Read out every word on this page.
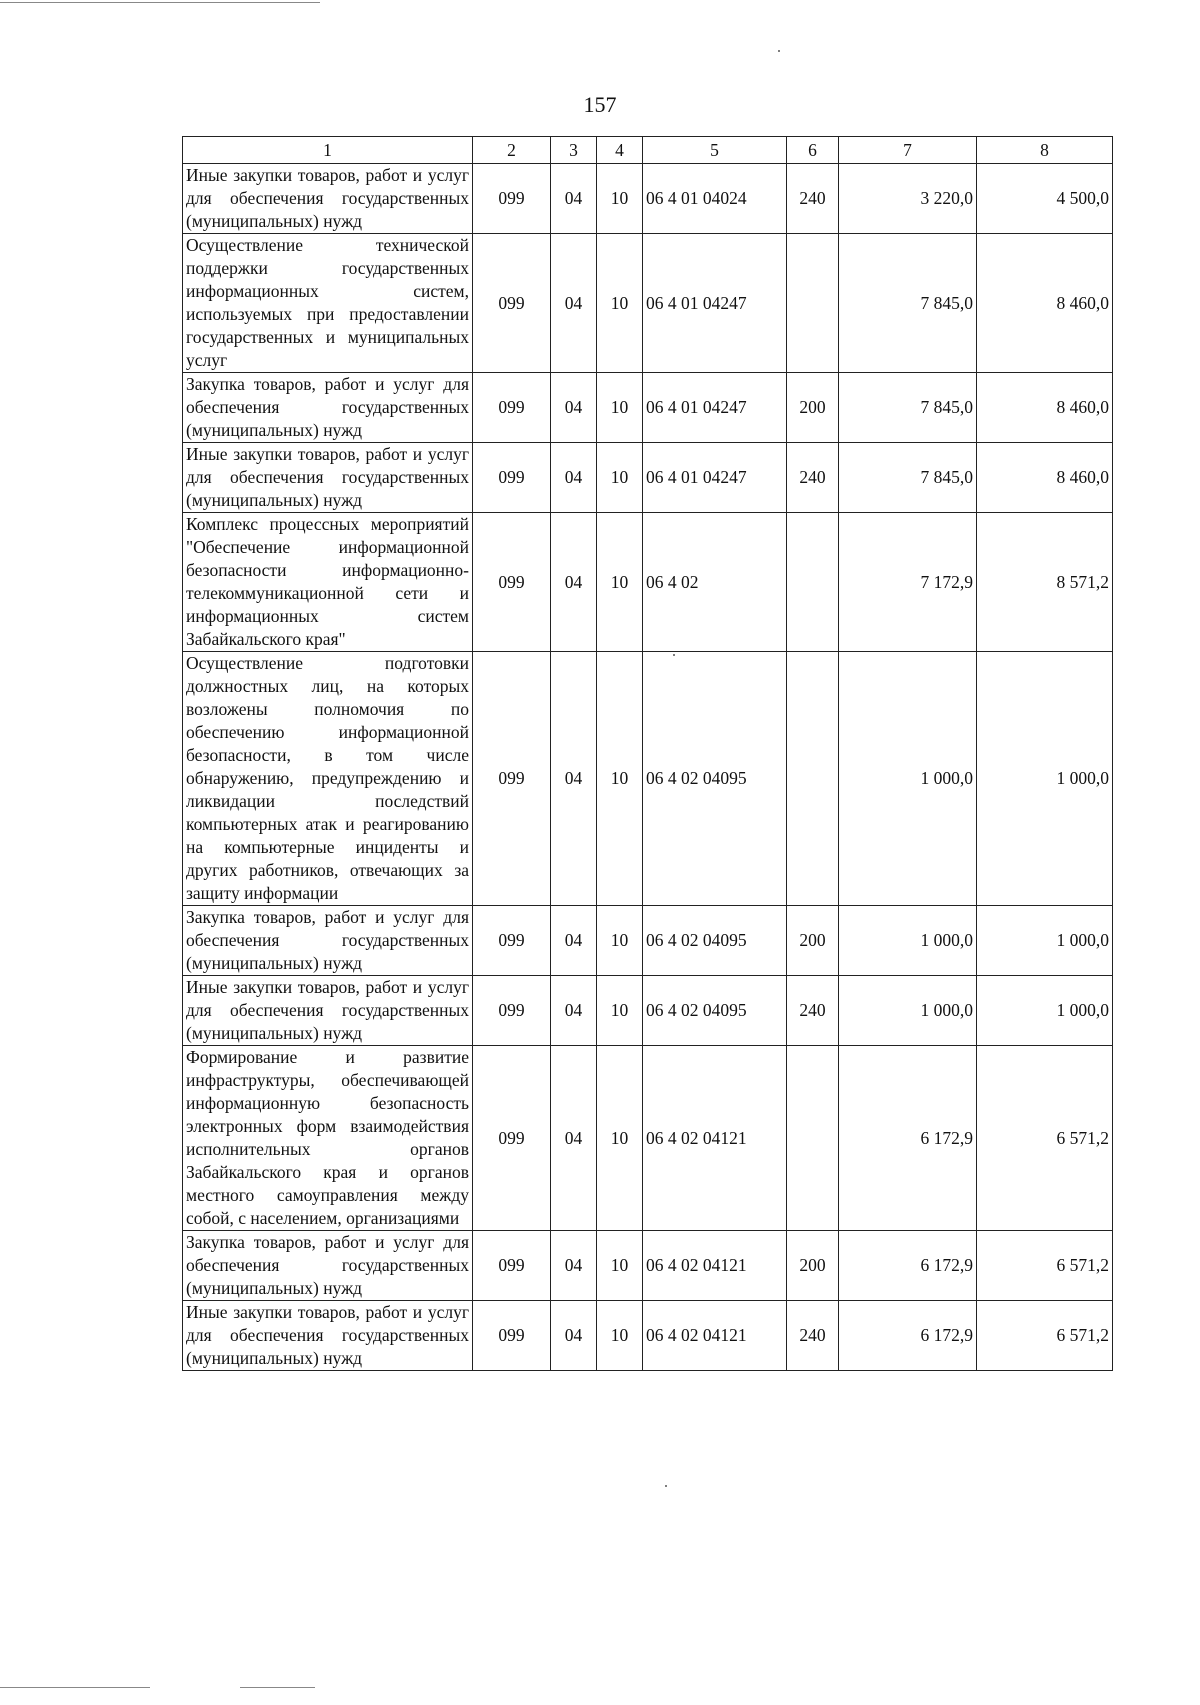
157
1	2	3	4	5	6	7	8
Иные закупки товаров, работ и услуг для обеспечения государственных (муниципальных) нужд	099	04	10	06 4 01 04024	240	3 220,0	4 500,0
Осуществление технической поддержки государственных информационных систем, используемых при предоставлении государственных и муниципальных услуг	099	04	10	06 4 01 04247		7 845,0	8 460,0
Закупка товаров, работ и услуг для обеспечения государственных (муниципальных) нужд	099	04	10	06 4 01 04247	200	7 845,0	8 460,0
Иные закупки товаров, работ и услуг для обеспечения государственных (муниципальных) нужд	099	04	10	06 4 01 04247	240	7 845,0	8 460,0
Комплекс процессных мероприятий "Обеспечение информационной безопасности информационно-телекоммуникационной сети и информационных систем Забайкальского края"	099	04	10	06 4 02		7 172,9	8 571,2
Осуществление подготовки должностных лиц, на которых возложены полномочия по обеспечению информационной безопасности, в том числе обнаружению, предупреждению и ликвидации последствий компьютерных атак и реагированию на компьютерные инциденты и других работников, отвечающих за защиту информации	099	04	10	06 4 02 04095		1 000,0	1 000,0
Закупка товаров, работ и услуг для обеспечения государственных (муниципальных) нужд	099	04	10	06 4 02 04095	200	1 000,0	1 000,0
Иные закупки товаров, работ и услуг для обеспечения государственных (муниципальных) нужд	099	04	10	06 4 02 04095	240	1 000,0	1 000,0
Формирование и развитие инфраструктуры, обеспечивающей информационную безопасность электронных форм взаимодействия исполнительных органов Забайкальского края и органов местного самоуправления между собой, с населением, организациями	099	04	10	06 4 02 04121		6 172,9	6 571,2
Закупка товаров, работ и услуг для обеспечения государственных (муниципальных) нужд	099	04	10	06 4 02 04121	200	6 172,9	6 571,2
Иные закупки товаров, работ и услуг для обеспечения государственных (муниципальных) нужд	099	04	10	06 4 02 04121	240	6 172,9	6 571,2
